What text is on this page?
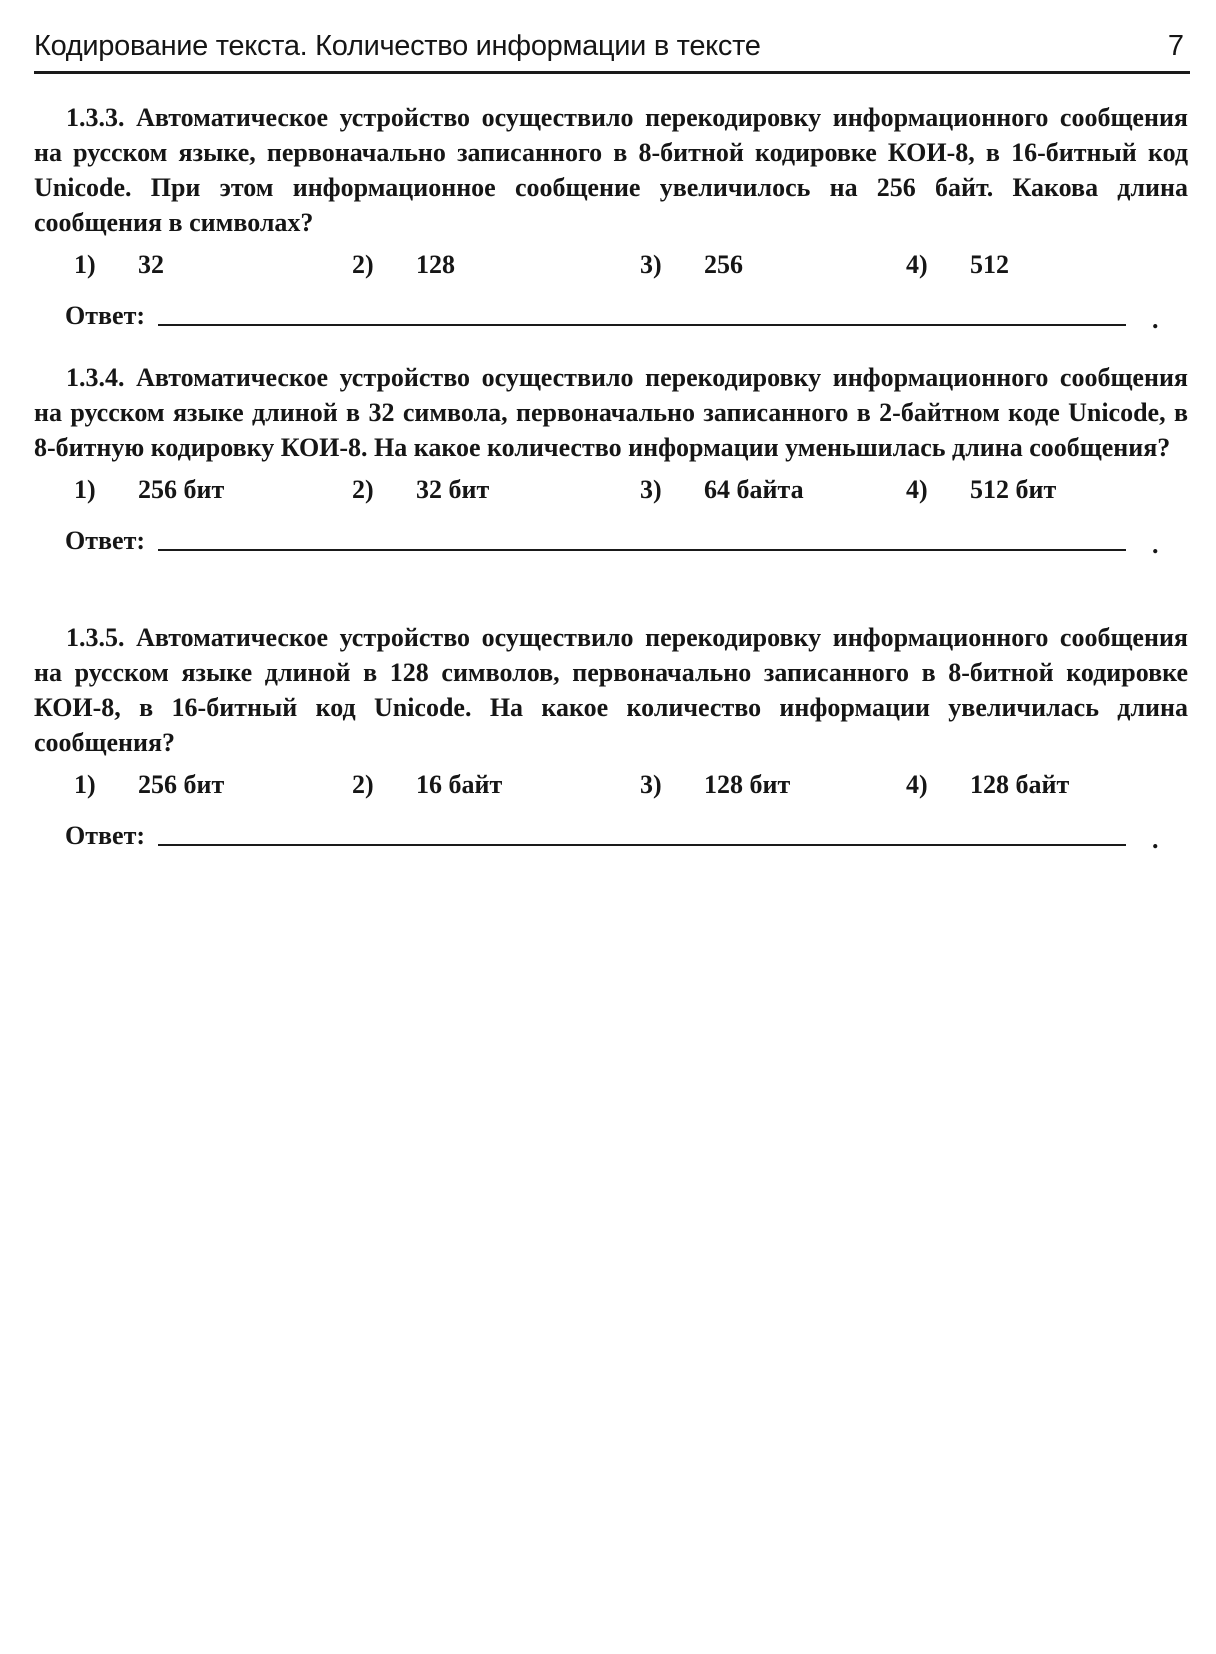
Кодирование текста. Количество информации в тексте	7

1.3.3. Автоматическое устройство осуществило перекодировку информационного сообщения на русском языке, первоначально записанного в 8-битной кодировке КОИ-8, в 16-битный код Unicode. При этом информационное сообщение увеличилось на 256 байт. Какова длина сообщения в символах?

1) 32	2) 128	3) 256	4) 512
Ответ:	.

1.3.4. Автоматическое устройство осуществило перекодировку информационного сообщения на русском языке длиной в 32 символа, первоначально записанного в 2-байтном коде Unicode, в 8-битную кодировку КОИ-8. На какое количество информации уменьшилась длина сообщения?

1) 256 бит	2) 32 бит	3) 64 байта	4) 512 бит
Ответ:	.

1.3.5. Автоматическое устройство осуществило перекодировку информационного сообщения на русском языке длиной в 128 символов, первоначально записанного в 8-битной кодировке КОИ-8, в 16-битный код Unicode. На какое количество информации увеличилась длина сообщения?

1) 256 бит	2) 16 байт	3) 128 бит	4) 128 байт
Ответ:	.
